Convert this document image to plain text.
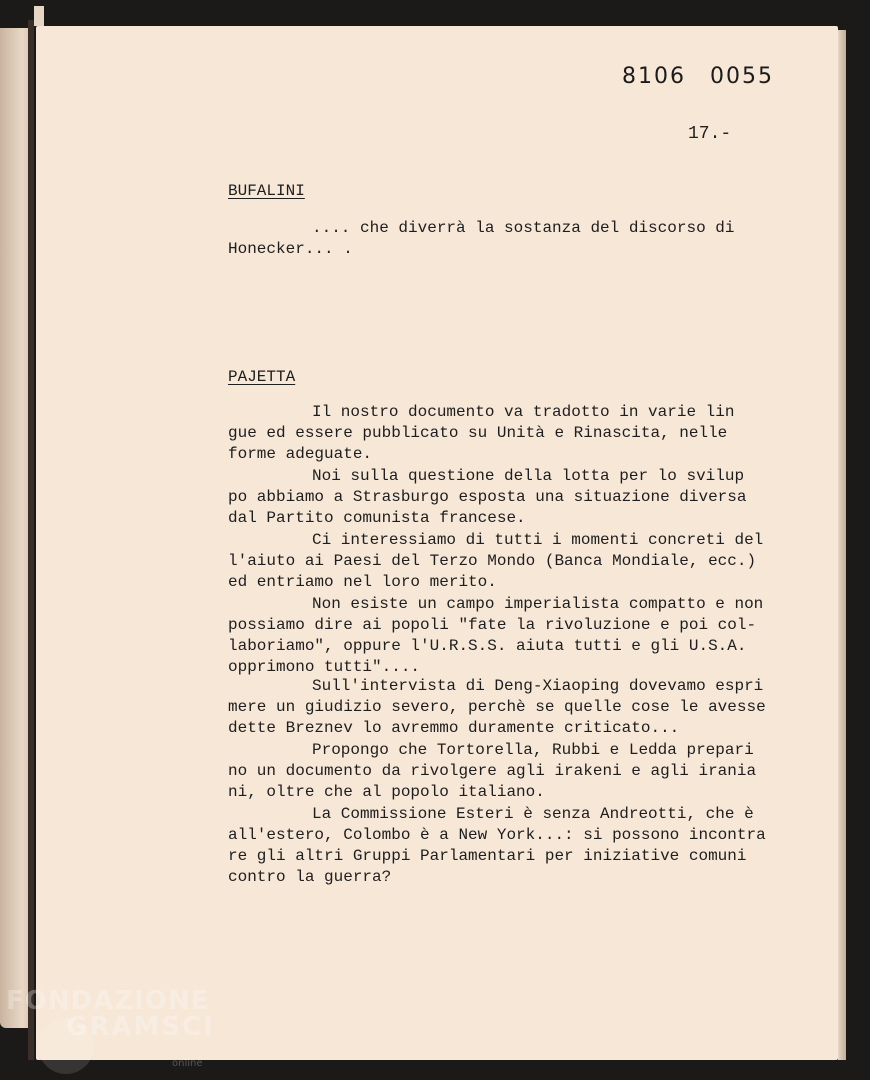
8106 0055
17.-
BUFALINI

.... che diverrà la sostanza del discorso di
Honecker... .

PAJETTA

Il nostro documento va tradotto in varie lin
gue ed essere pubblicato su Unità e Rinascita, nelle
forme adeguate.

Noi sulla questione della lotta per lo svilup
po abbiamo a Strasburgo esposta una situazione diversa
dal Partito comunista francese.

Ci interessiamo di tutti i momenti concreti del
l'aiuto ai Paesi del Terzo Mondo (Banca Mondiale, ecc.)
ed entriamo nel loro merito.

Non esiste un campo imperialista compatto e non
possiamo dire ai popoli "fate la rivoluzione e poi col-
laboriamo", oppure l'U.R.S.S. aiuta tutti e gli U.S.A.
opprimono tutti"....

Sull'intervista di Deng-Xiaoping dovevamo espri
mere un giudizio severo, perchè se quelle cose le avesse
dette Breznev lo avremmo duramente criticato...

Propongo che Tortorella, Rubbi e Ledda prepari
no un documento da rivolgere agli irakeni e agli irania
ni, oltre che al popolo italiano.

La Commissione Esteri è senza Andreotti, che è
all'estero, Colombo è a New York...: si possono incontra
re gli altri Gruppi Parlamentari per iniziative comuni
contro la guerra?

FONDAZIONE
GRAMSCI
online
